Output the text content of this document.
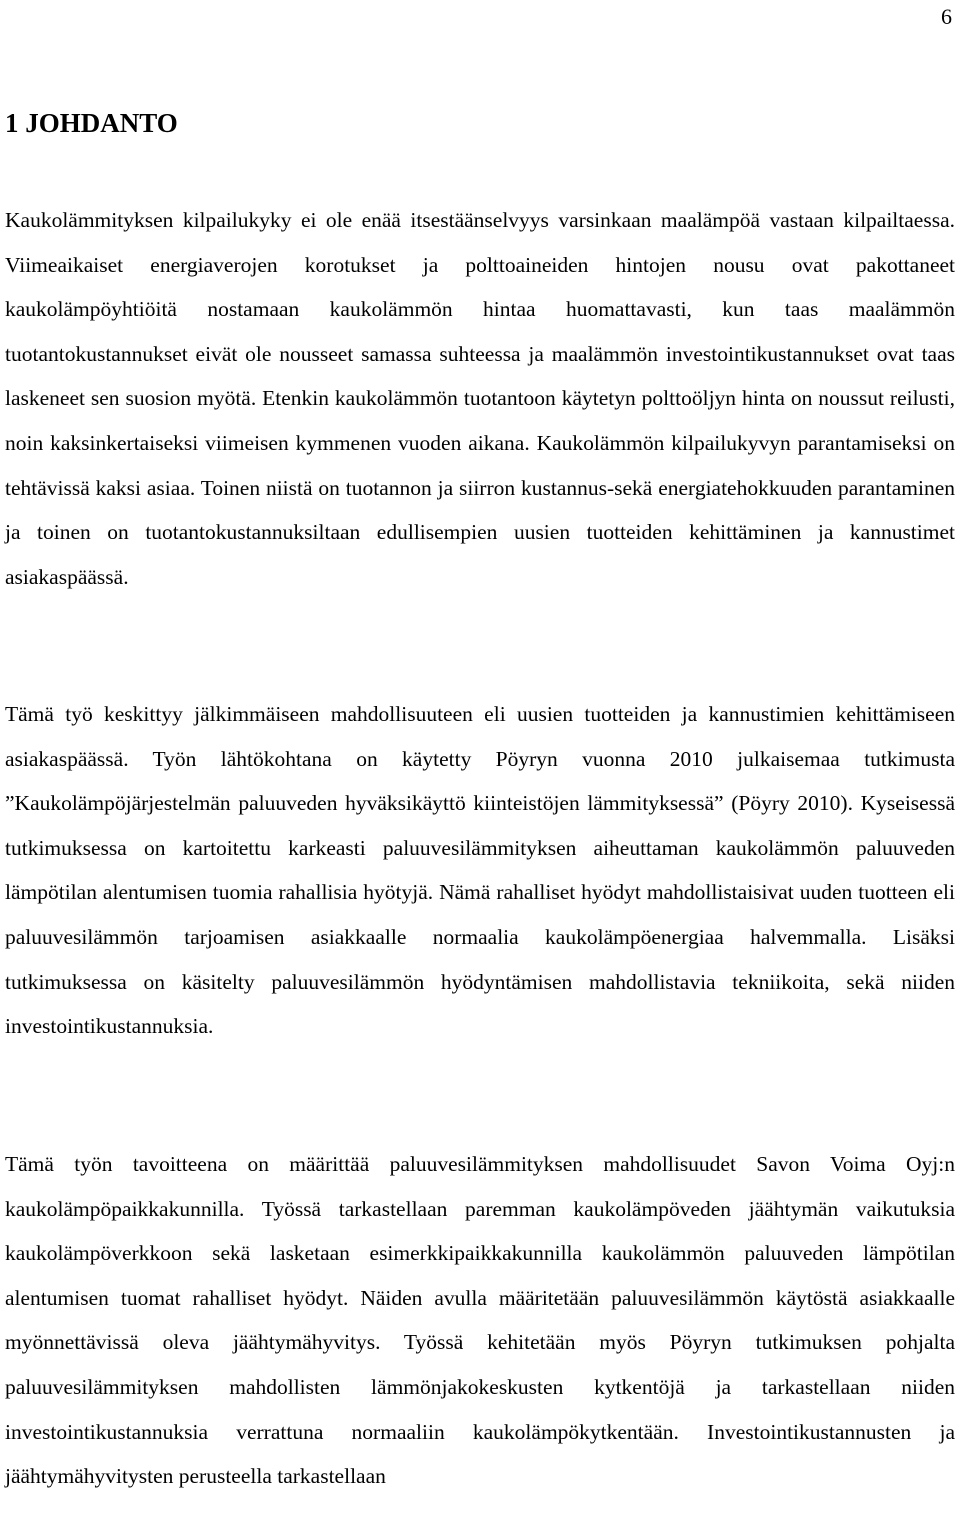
6
1 JOHDANTO

Kaukolämmityksen kilpailukyky ei ole enää itsestäänselvyys varsinkaan maalämpöä vastaan kilpailtaessa. Viimeaikaiset energiaverojen korotukset ja polttoaineiden hintojen nousu ovat pakottaneet kaukolämpöyhtiöitä nostamaan kaukolämmön hintaa huomattavasti, kun taas maalämmön tuotantokustannukset eivät ole nousseet samassa suhteessa ja maalämmön investointikustannukset ovat taas laskeneet sen suosion myötä. Etenkin kaukolämmön tuotantoon käytetyn polttoöljyn hinta on noussut reilusti, noin kaksinkertaiseksi viimeisen kymmenen vuoden aikana. Kaukolämmön kilpailukyvyn parantamiseksi on tehtävissä kaksi asiaa. Toinen niistä on tuotannon ja siirron kustannus-sekä energiatehokkuuden parantaminen ja toinen on tuotantokustannuksiltaan edullisempien uusien tuotteiden kehittäminen ja kannustimet asiakaspäässä.

Tämä työ keskittyy jälkimmäiseen mahdollisuuteen eli uusien tuotteiden ja kannustimien kehittämiseen asiakaspäässä. Työn lähtökohtana on käytetty Pöyryn vuonna 2010 julkaisemaa tutkimusta ”Kaukolämpöjärjestelmän paluuveden hyväksikäyttö kiinteistöjen lämmityksessä” (Pöyry 2010). Kyseisessä tutkimuksessa on kartoitettu karkeasti paluuvesilämmityksen aiheuttaman kaukolämmön paluuveden lämpötilan alentumisen tuomia rahallisia hyötyjä. Nämä rahalliset hyödyt mahdollistaisivat uuden tuotteen eli paluuvesilämmön tarjoamisen asiakkaalle normaalia kaukolämpöenergiaa halvemmalla. Lisäksi tutkimuksessa on käsitelty paluuvesilämmön hyödyntämisen mahdollistavia tekniikoita, sekä niiden investointikustannuksia.

Tämä työn tavoitteena on määrittää paluuvesilämmityksen mahdollisuudet Savon Voima Oyj:n kaukolämpöpaikkakunnilla. Työssä tarkastellaan paremman kaukolämpöveden jäähtymän vaikutuksia kaukolämpöverkkoon sekä lasketaan esimerkkipaikkakunnilla kaukolämmön paluuveden lämpötilan alentumisen tuomat rahalliset hyödyt. Näiden avulla määritetään paluuvesilämmön käytöstä asiakkaalle myönnettävissä oleva jäähtymähyvitys. Työssä kehitetään myös Pöyryn tutkimuksen pohjalta paluuvesilämmityksen mahdollisten lämmönjakokeskusten kytkentöjä ja tarkastellaan niiden investointikustannuksia verrattuna normaaliin kaukolämpökytkentään. Investointikustannusten ja jäähtymähyvitysten perusteella tarkastellaan
